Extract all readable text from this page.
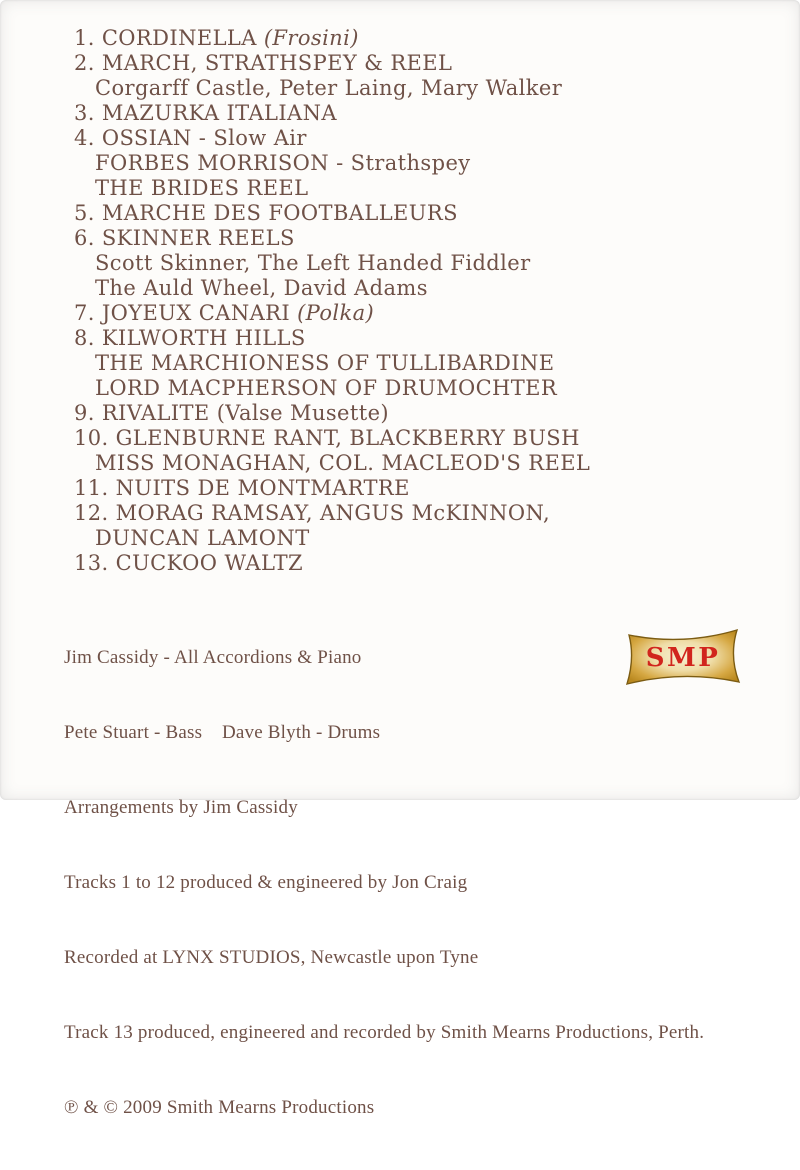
1. CORDINELLA (Frosini)
2. MARCH, STRATHSPEY & REEL
Corgarff Castle, Peter Laing, Mary Walker
3. MAZURKA ITALIANA
4. OSSIAN - Slow Air
FORBES MORRISON - Strathspey
THE BRIDES REEL
5. MARCHE DES FOOTBALLEURS
6. SKINNER REELS
Scott Skinner, The Left Handed Fiddler
The Auld Wheel, David Adams
7. JOYEUX CANARI (Polka)
8. KILWORTH HILLS
THE MARCHIONESS OF TULLIBARDINE
LORD MACPHERSON OF DRUMOCHTER
9. RIVALITE (Valse Musette)
10. GLENBURNE RANT, BLACKBERRY BUSH
MISS MONAGHAN, COL. MACLEOD'S REEL
11. NUITS DE MONTMARTRE
12. MORAG RAMSAY, ANGUS McKINNON,
DUNCAN LAMONT
13. CUCKOO WALTZ

Jim Cassidy - All Accordions & Piano

Pete Stuart - Bass    Dave Blyth - Drums

Arrangements by Jim Cassidy

Tracks 1 to 12 produced & engineered by Jon Craig

Recorded at LYNX STUDIOS, Newcastle upon Tyne

Track 13 produced, engineered and recorded by Smith Mearns Productions, Perth.

℗ & © 2009 Smith Mearns Productions

SMP
